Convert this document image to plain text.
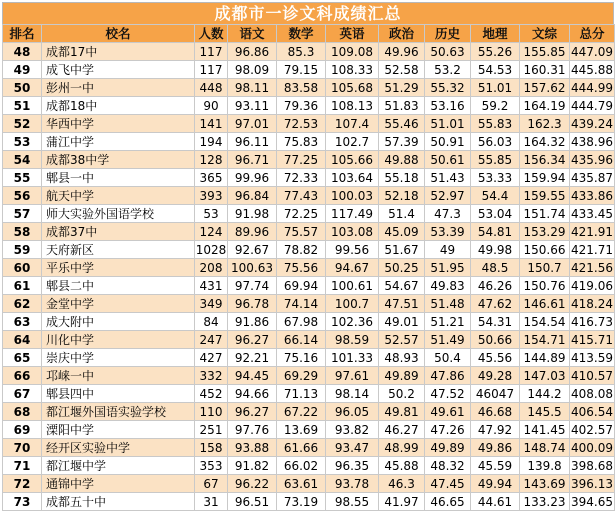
成都市一诊文科成绩汇总
排名	校名	人数	语文	数学	英语	政治	历史	地理	文综	总分
48	成都17中	117	96.86	85.3	109.08	49.96	50.63	55.26	155.85	447.09
49	成飞中学	117	98.09	79.15	108.33	52.58	53.2	54.53	160.31	445.88
50	彭州一中	448	98.11	83.58	105.68	51.29	55.32	51.01	157.62	444.99
51	成都18中	90	93.11	79.36	108.13	51.83	53.16	59.2	164.19	444.79
52	华西中学	141	97.01	72.53	107.4	55.46	51.01	55.83	162.3	439.24
53	蒲江中学	194	96.11	75.83	102.7	57.39	50.91	56.03	164.32	438.96
54	成都38中学	128	96.71	77.25	105.66	49.88	50.61	55.85	156.34	435.96
55	郫县一中	365	99.96	72.33	103.64	55.18	51.43	53.33	159.94	435.87
56	航天中学	393	96.84	77.43	100.03	52.18	52.97	54.4	159.55	433.86
57	师大实验外国语学校	53	91.98	72.25	117.49	51.4	47.3	53.04	151.74	433.45
58	成都37中	124	89.96	75.57	103.08	45.09	53.39	54.81	153.29	421.91
59	天府新区	1028	92.67	78.82	99.56	51.67	49	49.98	150.66	421.71
60	平乐中学	208	100.63	75.56	94.67	50.25	51.95	48.5	150.7	421.56
61	郫县二中	431	97.74	69.94	100.61	54.67	49.83	46.26	150.76	419.06
62	金堂中学	349	96.78	74.14	100.7	47.51	51.48	47.62	146.61	418.24
63	成大附中	84	91.86	67.98	102.36	49.01	51.21	54.31	154.54	416.73
64	川化中学	247	96.27	66.14	98.59	52.57	51.49	50.66	154.71	415.71
65	崇庆中学	427	92.21	75.16	101.33	48.93	50.4	45.56	144.89	413.59
66	邛崃一中	332	94.45	69.29	97.61	49.89	47.86	49.28	147.03	410.57
67	郫县四中	452	94.66	71.13	98.14	50.2	47.52	46047	144.2	408.08
68	都江堰外国语实验学校	110	96.27	67.22	96.05	49.81	49.61	46.68	145.5	406.54
69	溧阳中学	251	97.76	13.69	93.82	46.27	47.26	47.92	141.45	402.57
70	经开区实验中学	158	93.88	61.66	93.47	48.99	49.89	49.86	148.74	400.09
71	都江堰中学	353	91.82	66.02	96.35	45.88	48.32	45.59	139.8	398.68
72	通锦中学	67	96.22	63.61	93.78	46.3	47.45	49.94	143.69	396.13
73	成都五十中	31	96.51	73.19	98.55	41.97	46.65	44.61	133.23	394.65
